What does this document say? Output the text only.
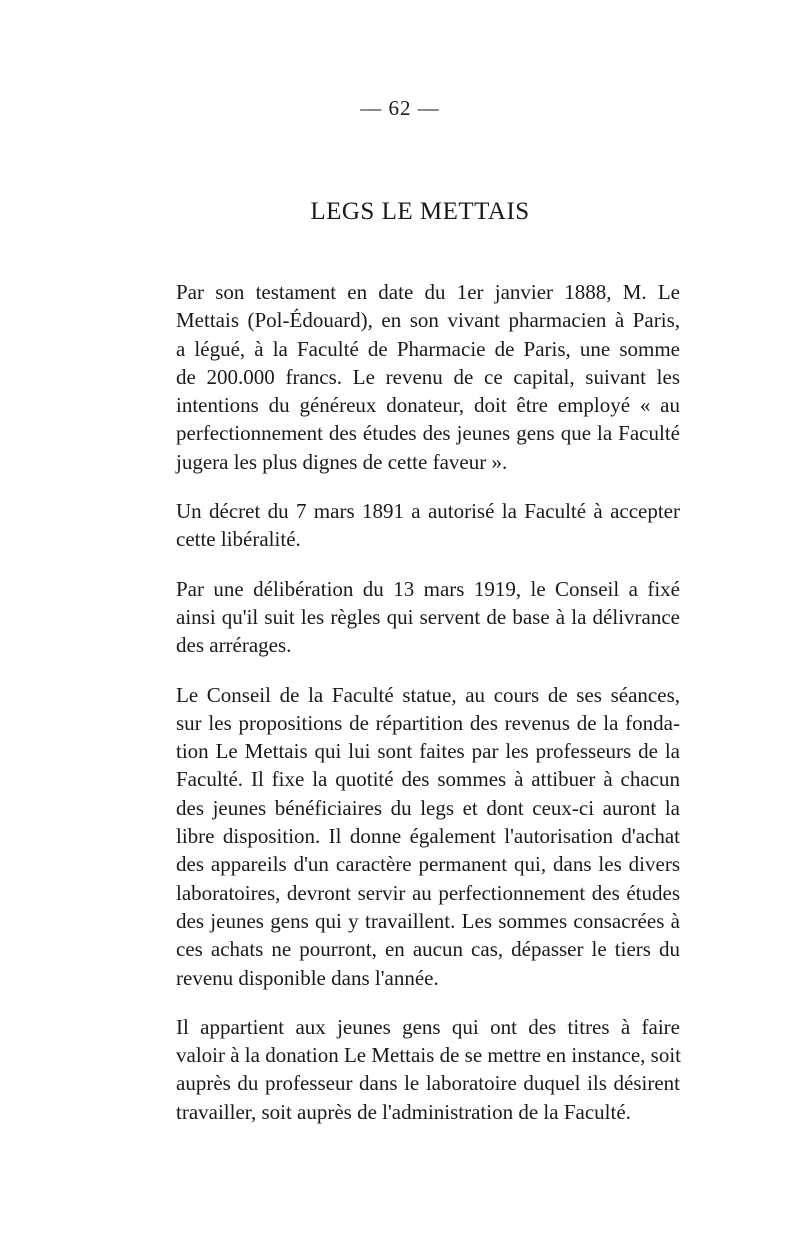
— 62 —
LEGS LE METTAIS

Par son testament en date du 1er janvier 1888, M. Le
Mettais (Pol-Édouard), en son vivant pharmacien à Paris,
a légué, à la Faculté de Pharmacie de Paris, une somme
de 200.000 francs. Le revenu de ce capital, suivant les
intentions du généreux donateur, doit être employé « au
perfectionnement des études des jeunes gens que la Faculté
jugera les plus dignes de cette faveur ».

Un décret du 7 mars 1891 a autorisé la Faculté à accepter
cette libéralité.

Par une délibération du 13 mars 1919, le Conseil a fixé
ainsi qu'il suit les règles qui servent de base à la délivrance
des arrérages.

Le Conseil de la Faculté statue, au cours de ses séances,
sur les propositions de répartition des revenus de la fonda-
tion Le Mettais qui lui sont faites par les professeurs de la
Faculté. Il fixe la quotité des sommes à attibuer à chacun
des jeunes bénéficiaires du legs et dont ceux-ci auront la
libre disposition. Il donne également l'autorisation d'achat
des appareils d'un caractère permanent qui, dans les divers
laboratoires, devront servir au perfectionnement des études
des jeunes gens qui y travaillent. Les sommes consacrées à
ces achats ne pourront, en aucun cas, dépasser le tiers du
revenu disponible dans l'année.

Il appartient aux jeunes gens qui ont des titres à faire
valoir à la donation Le Mettais de se mettre en instance, soit
auprès du professeur dans le laboratoire duquel ils désirent
travailler, soit auprès de l'administration de la Faculté.
